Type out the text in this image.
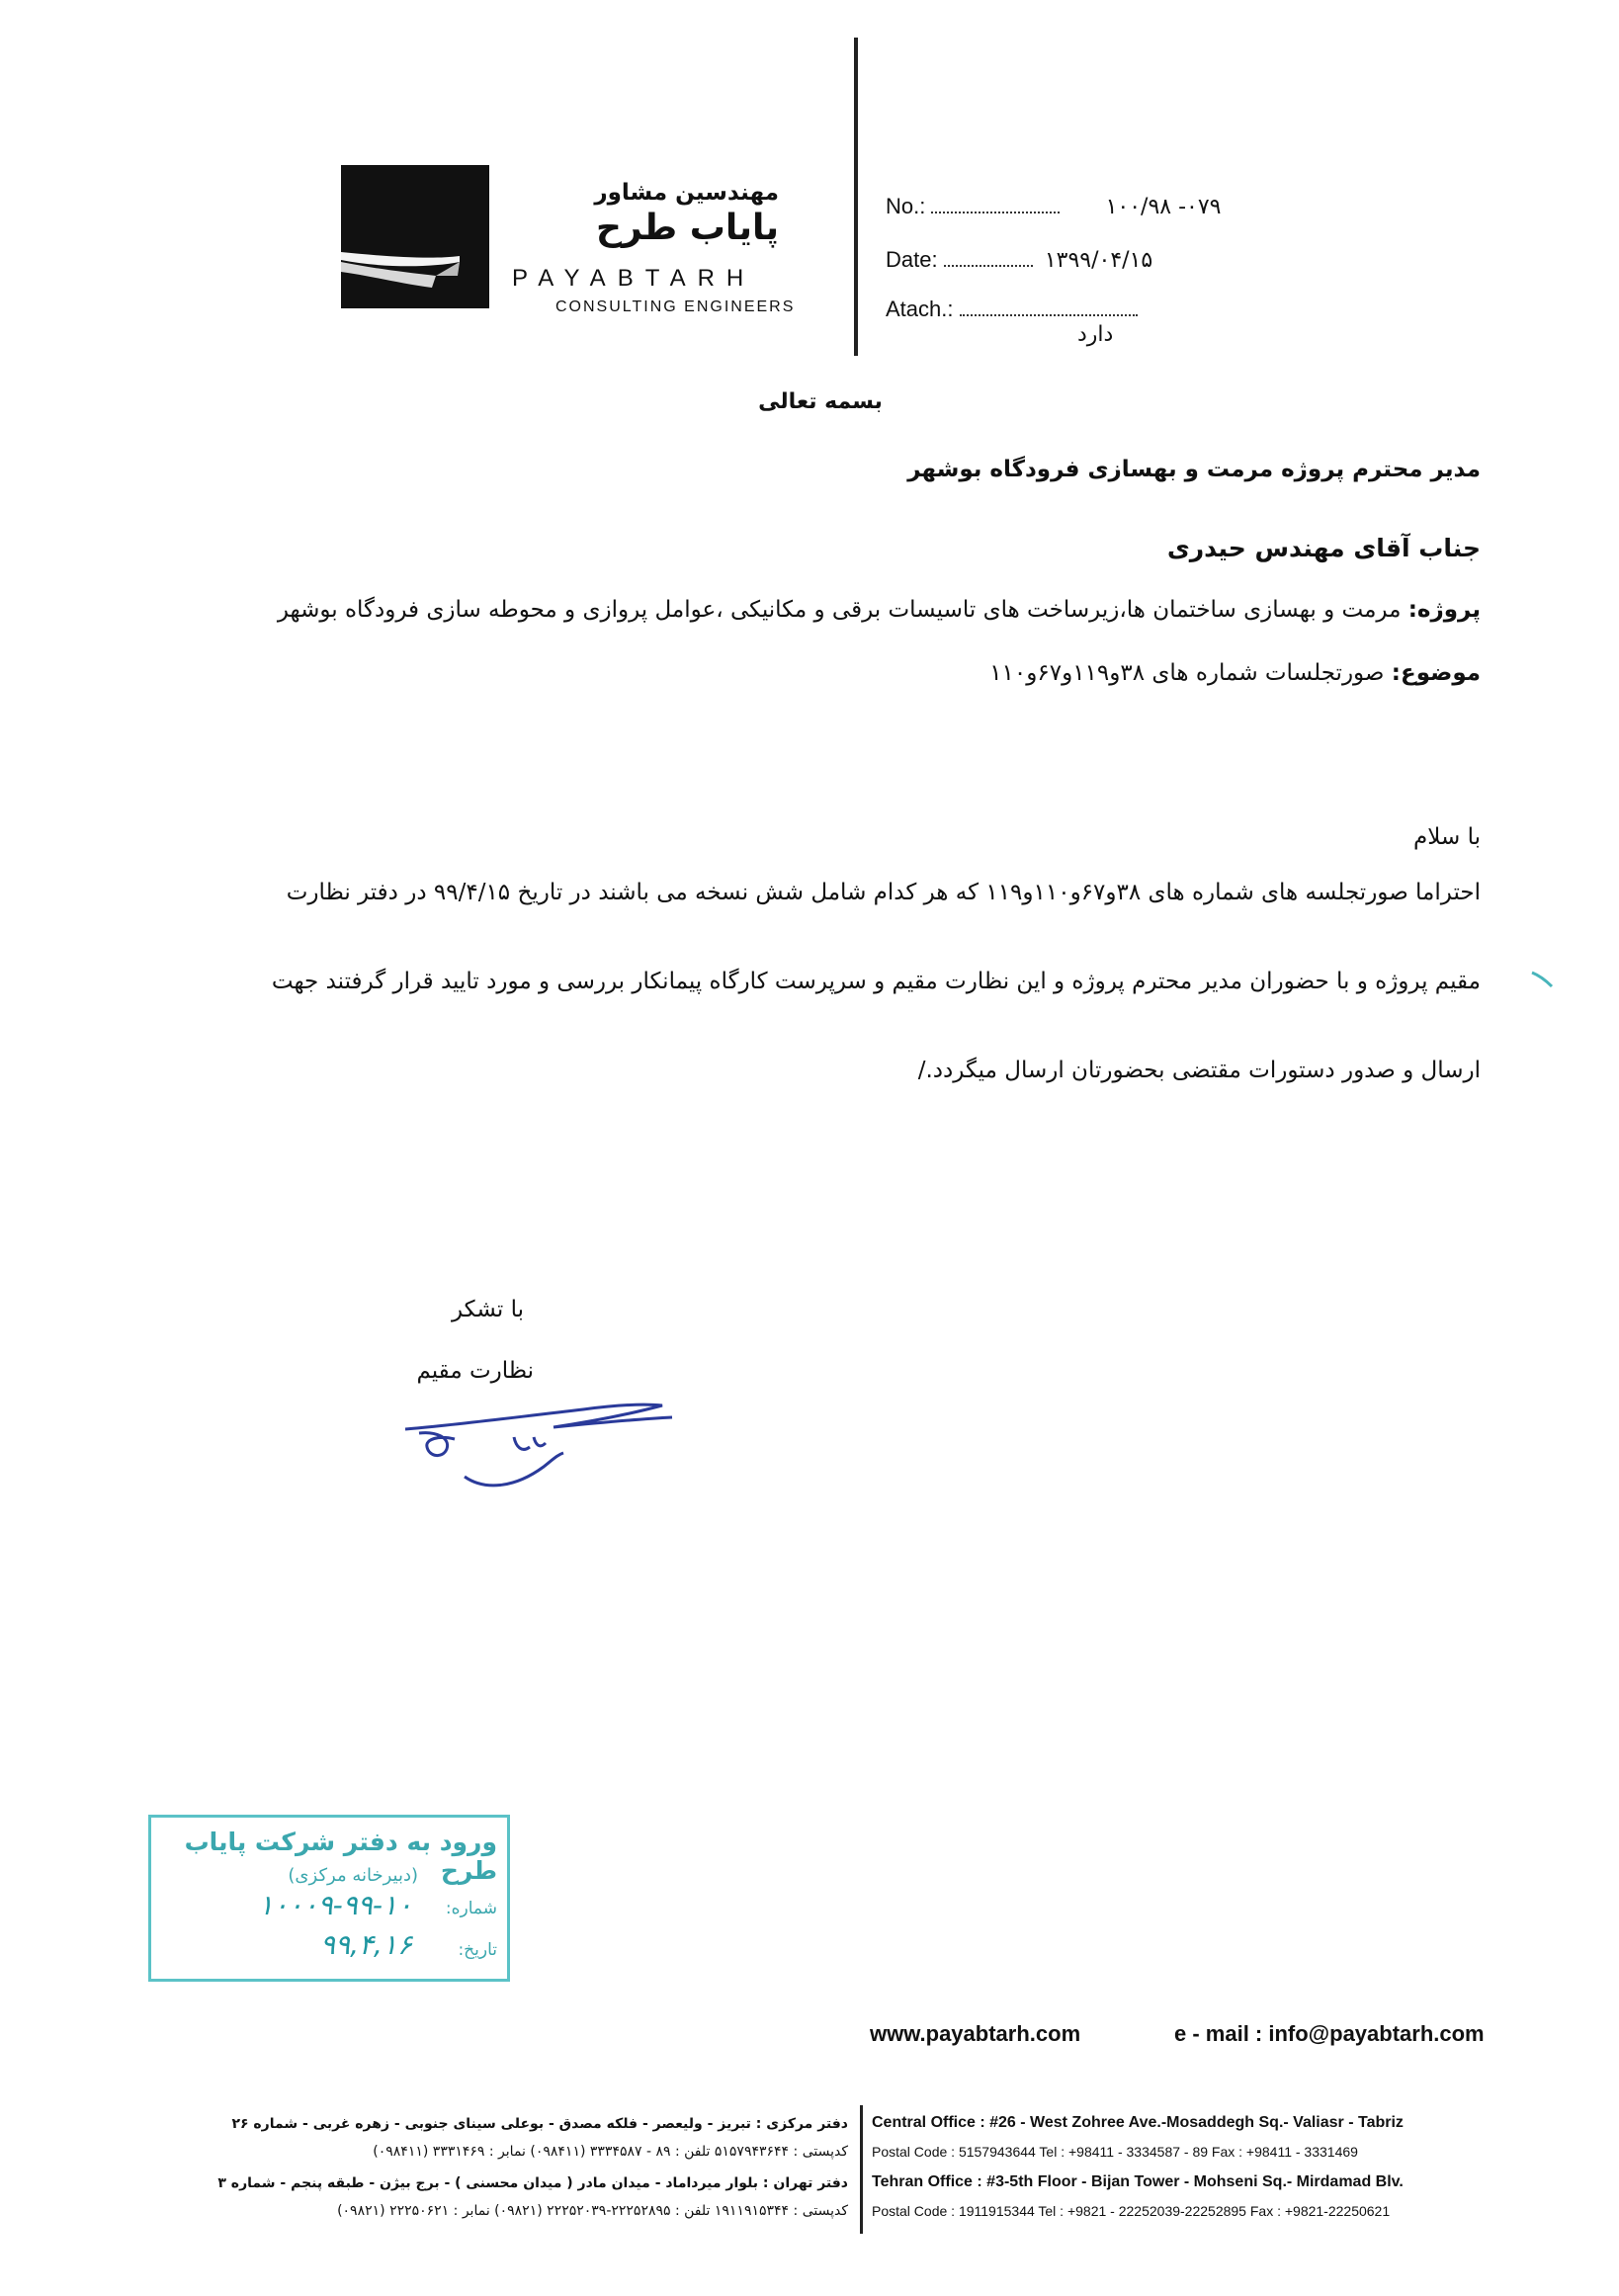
مهندسین مشاور
پایاب طرح
PAYABTARH
CONSULTING ENGINEERS
No.:	۱۰۰/۹۸ -۰۷۹
Date:	۱۳۹۹/۰۴/۱۵
Atach.:
دارد
بسمه تعالی
مدیر محترم پروژه مرمت و بهسازی فرودگاه بوشهر
جناب آقای مهندس حیدری
پروژه: مرمت و بهسازی ساختمان ها،زیرساخت های تاسیسات برقی و مکانیکی ،عوامل پروازی و محوطه سازی فرودگاه بوشهر
موضوع: صورتجلسات شماره های ۳۸و۱۱۹و۶۷و۱۱۰
با سلام
احتراما صورتجلسه های شماره های ۳۸و۶۷و۱۱۰و۱۱۹ که هر کدام شامل شش نسخه می باشند در تاریخ ۹۹/۴/۱۵ در دفتر نظارت
مقیم پروژه و با حضوران مدیر محترم پروژه و این نظارت مقیم و سرپرست کارگاه پیمانکار بررسی و مورد تایید قرار گرفتند جهت
ارسال و صدور دستورات مقتضی بحضورتان ارسال میگردد./
با تشکر
نظارت مقیم
ورود به دفتر شرکت پایاب طرح
(دبیرخانه مرکزی)
شماره:
۱۰۰۰۹-۹۹-۱۰
تاریخ:
۹۹,۴,۱۶
www.payabtarh.com	e - mail : info@payabtarh.com
دفتر مرکزی : تبریز - ولیعصر - فلکه مصدق - بوعلی سینای جنوبی - زهره غربی - شماره ۲۶
کدپستی : ۵۱۵۷۹۴۳۶۴۴ تلفن : ۸۹ - ۳۳۳۴۵۸۷ (۰۹۸۴۱۱) نمابر : ۳۳۳۱۴۶۹ (۰۹۸۴۱۱)
دفتر تهران : بلوار میرداماد - میدان مادر ( میدان محسنی ) - برج بیژن - طبقه پنجم - شماره ۳
کدپستی : ۱۹۱۱۹۱۵۳۴۴ تلفن : ۲۲۲۵۲۸۹۵-۲۲۲۵۲۰۳۹ (۰۹۸۲۱) نمابر : ۲۲۲۵۰۶۲۱ (۰۹۸۲۱)
Central Office : #26 - West Zohree Ave.-Mosaddegh Sq.- Valiasr - Tabriz
Postal Code : 5157943644 Tel : +98411 - 3334587 - 89 Fax : +98411 - 3331469
Tehran Office : #3-5th Floor - Bijan Tower - Mohseni Sq.- Mirdamad Blv.
Postal Code : 1911915344 Tel : +9821 - 22252039-22252895 Fax : +9821-22250621
